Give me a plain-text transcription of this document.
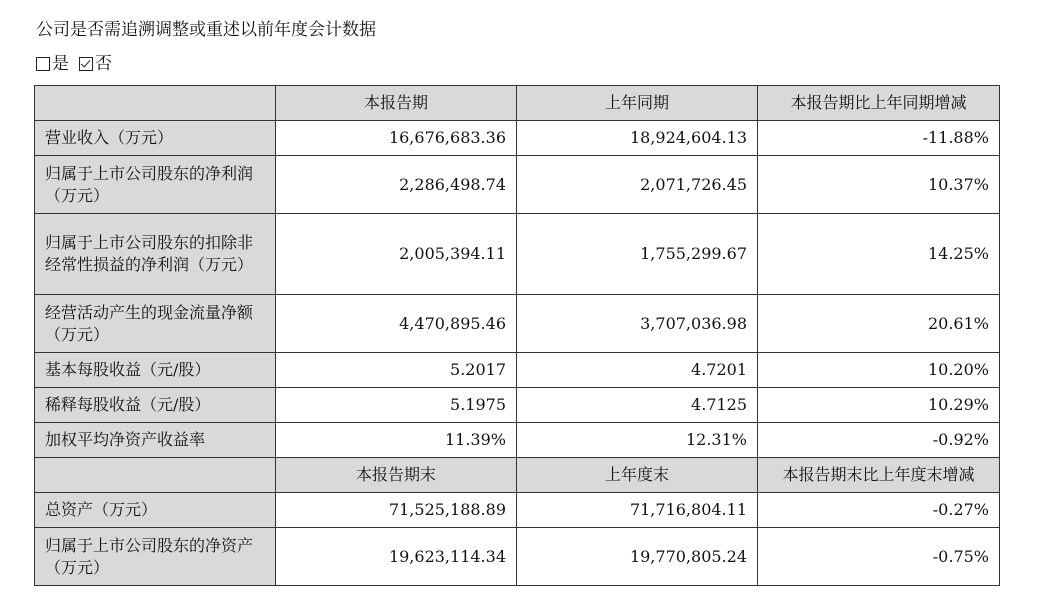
公司是否需追溯调整或重述以前年度会计数据
是 否
	本报告期	上年同期	本报告期比上年同期增减
营业收入（万元）	16,676,683.36	18,924,604.13	-11.88%
归属于上市公司股东的净利润（万元）	2,286,498.74	2,071,726.45	10.37%
归属于上市公司股东的扣除非经常性损益的净利润（万元）	2,005,394.11	1,755,299.67	14.25%
经营活动产生的现金流量净额（万元）	4,470,895.46	3,707,036.98	20.61%
基本每股收益（元/股）	5.2017	4.7201	10.20%
稀释每股收益（元/股）	5.1975	4.7125	10.29%
加权平均净资产收益率	11.39%	12.31%	-0.92%
	本报告期末	上年度末	本报告期末比上年度末增减
总资产（万元）	71,525,188.89	71,716,804.11	-0.27%
归属于上市公司股东的净资产（万元）	19,623,114.34	19,770,805.24	-0.75%
